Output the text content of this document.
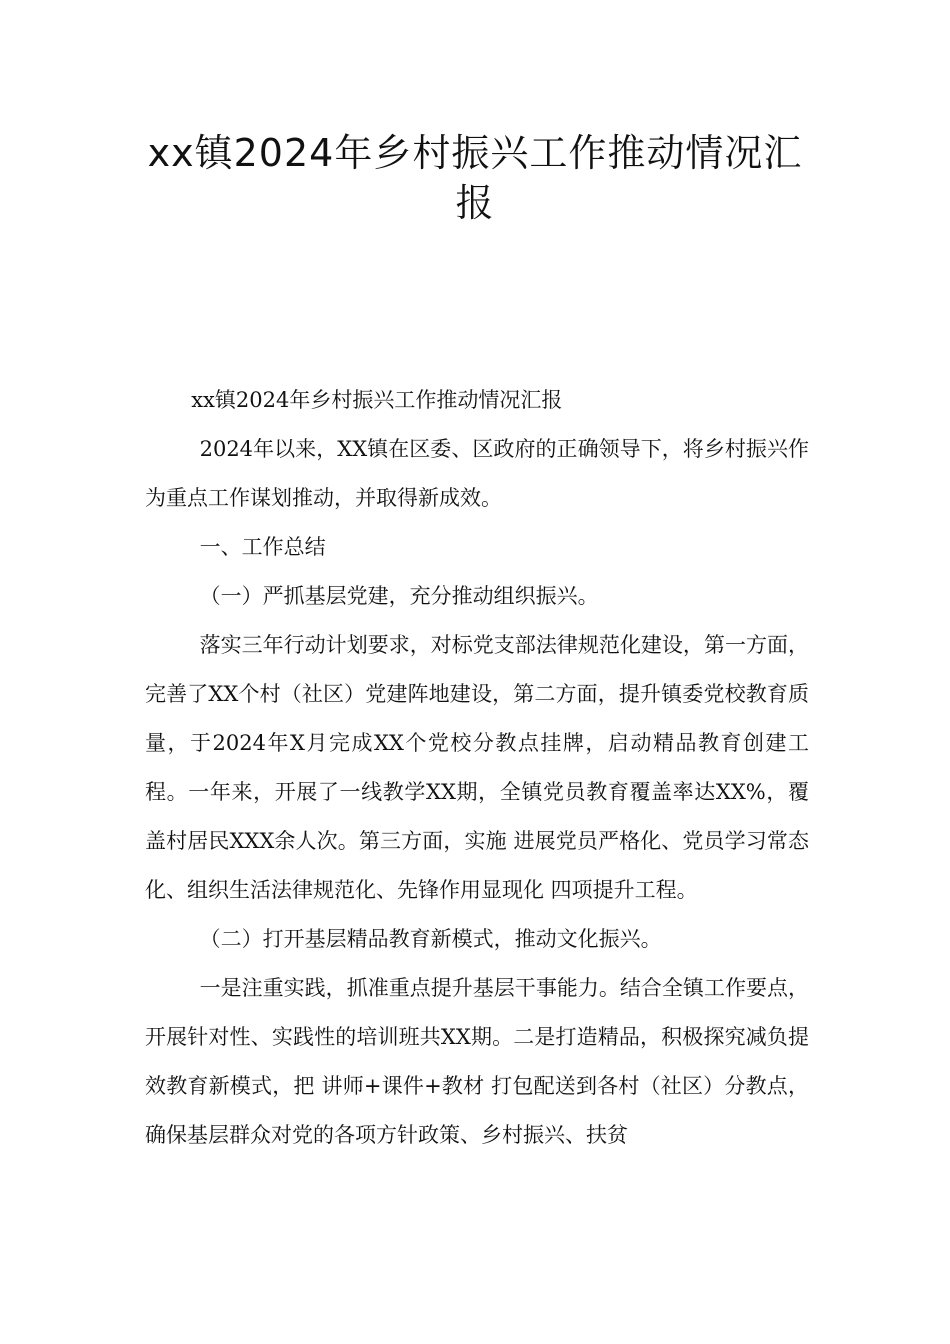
xx镇2024年乡村振兴工作推动情况汇报

xx镇2024年乡村振兴工作推动情况汇报

2024年以来，XX镇在区委、区政府的正确领导下，将乡村振兴作为重点工作谋划推动，并取得新成效。

一、工作总结

（一）严抓基层党建，充分推动组织振兴。

落实三年行动计划要求，对标党支部法律规范化建设，第一方面，完善了XX个村（社区）党建阵地建设，第二方面，提升镇委党校教育质量，于2024年X月完成XX个党校分教点挂牌，启动精品教育创建工程。一年来，开展了一线教学XX期，全镇党员教育覆盖率达XX%，覆盖村居民XXX余人次。第三方面，实施 进展党员严格化、党员学习常态化、组织生活法律规范化、先锋作用显现化 四项提升工程。

（二）打开基层精品教育新模式，推动文化振兴。

一是注重实践，抓准重点提升基层干事能力。结合全镇工作要点，开展针对性、实践性的培训班共XX期。二是打造精品，积极探究减负提效教育新模式，把 讲师+课件+教材 打包配送到各村（社区）分教点，确保基层群众对党的各项方针政策、乡村振兴、扶贫
